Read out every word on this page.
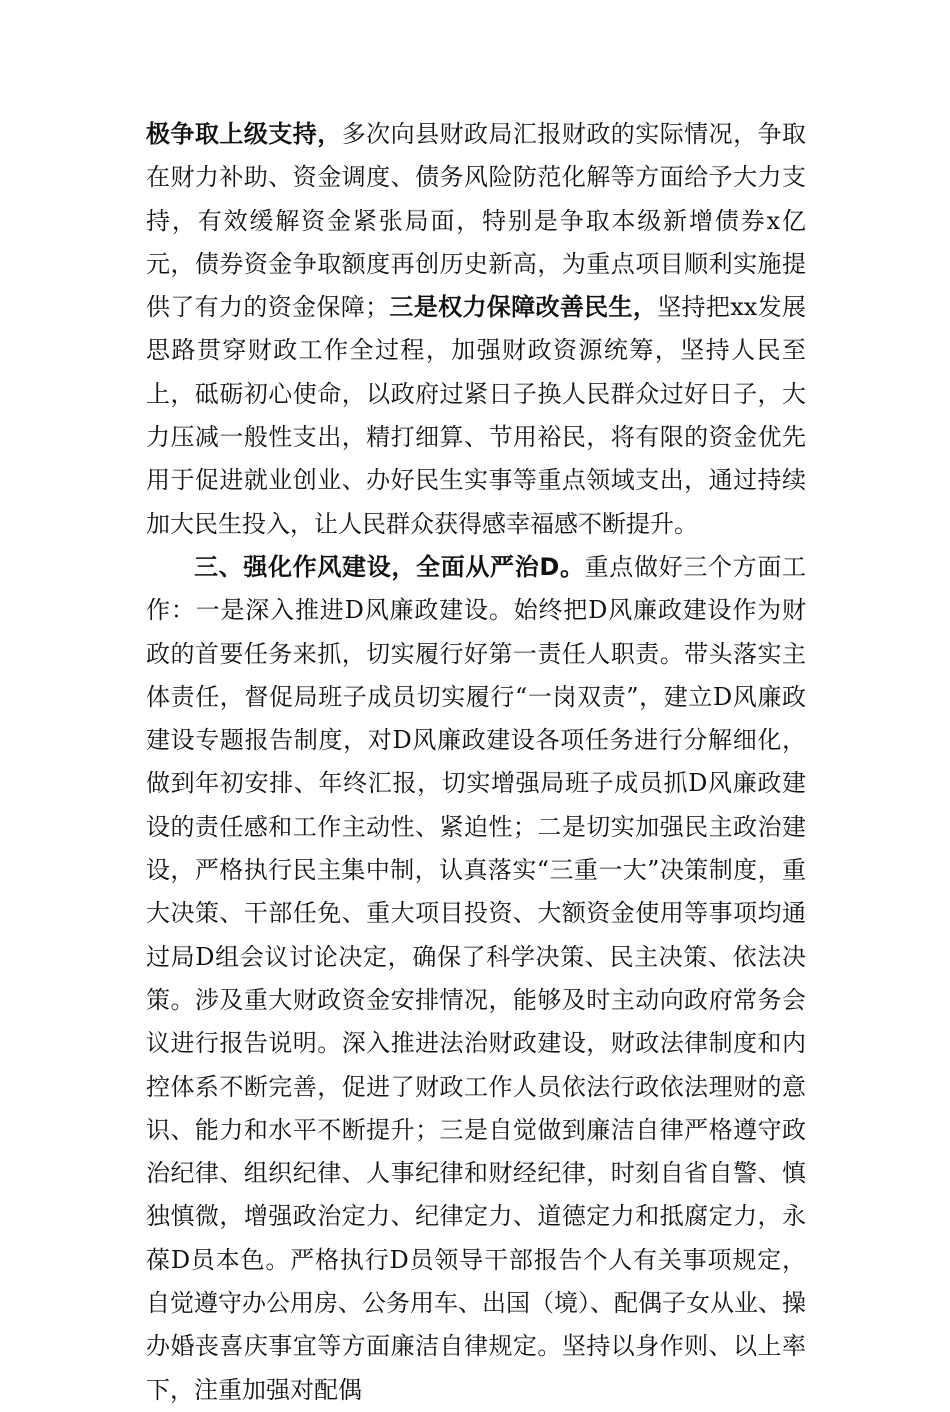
极争取上级支持，多次向县财政局汇报财政的实际情况，争取在财力补助、资金调度、债务风险防范化解等方面给予大力支持，有效缓解资金紧张局面，特别是争取本级新增债券x亿元，债券资金争取额度再创历史新高，为重点项目顺利实施提供了有力的资金保障；三是权力保障改善民生，坚持把xx发展思路贯穿财政工作全过程，加强财政资源统筹，坚持人民至上，砥砺初心使命，以政府过紧日子换人民群众过好日子，大力压减一般性支出，精打细算、节用裕民，将有限的资金优先用于促进就业创业、办好民生实事等重点领域支出，通过持续加大民生投入，让人民群众获得感幸福感不断提升。

三、强化作风建设，全面从严治D。重点做好三个方面工作：一是深入推进D风廉政建设。始终把D风廉政建设作为财政的首要任务来抓，切实履行好第一责任人职责。带头落实主体责任，督促局班子成员切实履行“一岗双责”，建立D风廉政建设专题报告制度，对D风廉政建设各项任务进行分解细化，做到年初安排、年终汇报，切实增强局班子成员抓D风廉政建设的责任感和工作主动性、紧迫性；二是切实加强民主政治建设，严格执行民主集中制，认真落实“三重一大”决策制度，重大决策、干部任免、重大项目投资、大额资金使用等事项均通过局D组会议讨论决定，确保了科学决策、民主决策、依法决策。涉及重大财政资金安排情况，能够及时主动向政府常务会议进行报告说明。深入推进法治财政建设，财政法律制度和内控体系不断完善，促进了财政工作人员依法行政依法理财的意识、能力和水平不断提升；三是自觉做到廉洁自律严格遵守政治纪律、组织纪律、人事纪律和财经纪律，时刻自省自警、慎独慎微，增强政治定力、纪律定力、道德定力和抵腐定力，永葆D员本色。严格执行D员领导干部报告个人有关事项规定，自觉遵守办公用房、公务用车、出国（境）、配偶子女从业、操办婚丧喜庆事宜等方面廉洁自律规定。坚持以身作则、以上率下，注重加强对配偶
